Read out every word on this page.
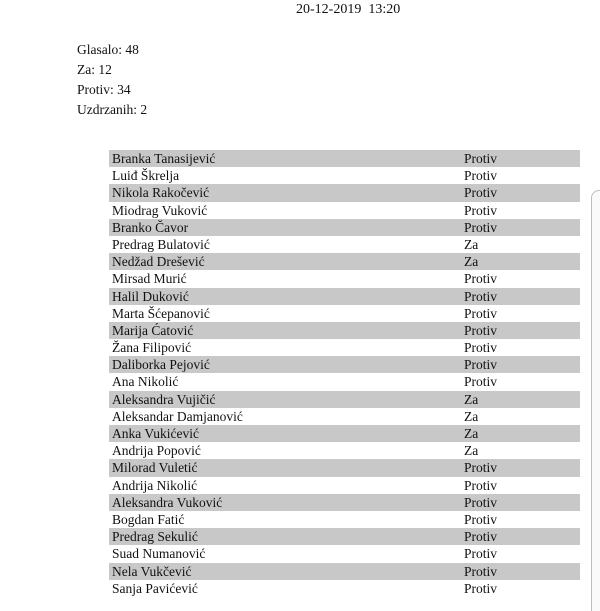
20-12-2019  13:20
Glasalo: 48
Za: 12
Protiv: 34
Uzdrzanih: 2
Branka Tanasijević	Protiv
Luiđ Škrelja	Protiv
Nikola Rakočević	Protiv
Miodrag Vuković	Protiv
Branko Čavor	Protiv
Predrag Bulatović	Za
Nedžad Drešević	Za
Mirsad Murić	Protiv
Halil Duković	Protiv
Marta Šćepanović	Protiv
Marija Ćatović	Protiv
Žana Filipović	Protiv
Daliborka Pejović	Protiv
Ana Nikolić	Protiv
Aleksandra Vujičić	Za
Aleksandar Damjanović	Za
Anka Vukićević	Za
Andrija Popović	Za
Milorad Vuletić	Protiv
Andrija Nikolić	Protiv
Aleksandra Vuković	Protiv
Bogdan Fatić	Protiv
Predrag Sekulić	Protiv
Suad Numanović	Protiv
Nela Vukčević	Protiv
Sanja Pavićević	Protiv
